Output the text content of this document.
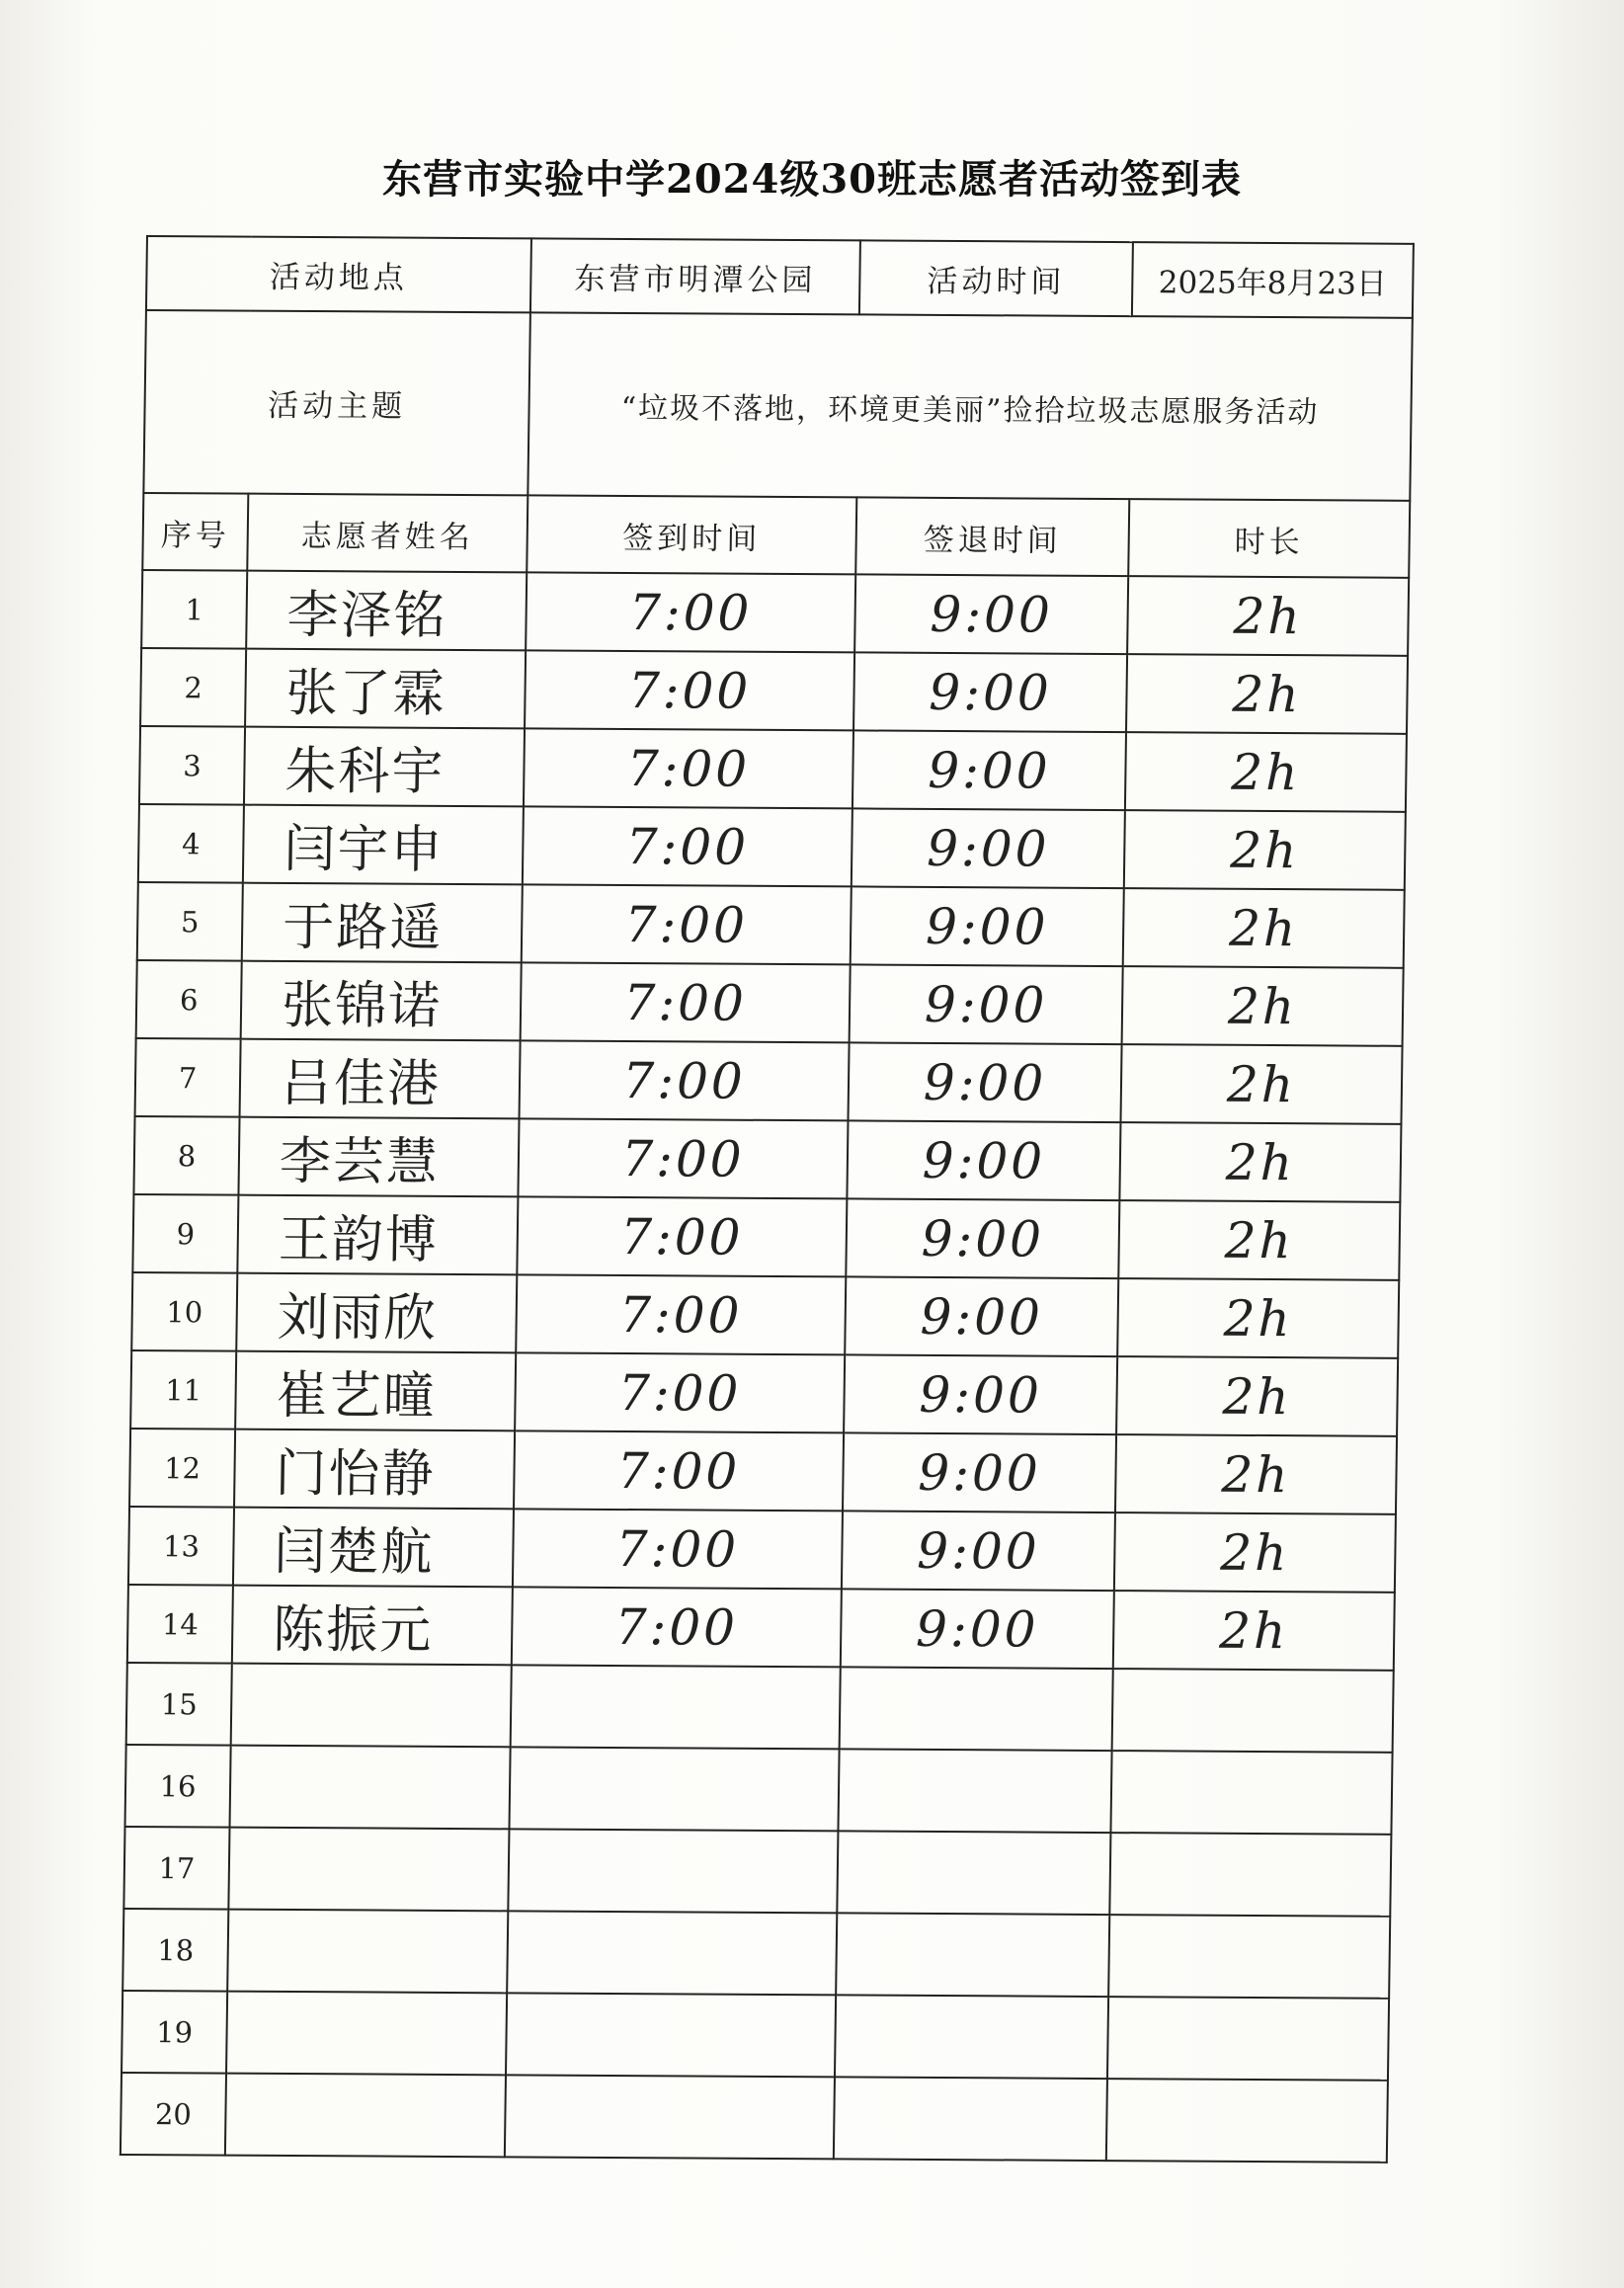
东营市实验中学2024级30班志愿者活动签到表
活动地点		东营市明潭公园	活动时间	2025年8月23日
活动主题		“垃圾不落地，环境更美丽”捡拾垃圾志愿服务活动		
序号	志愿者姓名	签到时间	签退时间	时长
1	李泽铭	7:00	9:00	2h
2	张了霖	7:00	9:00	2h
3	朱科宇	7:00	9:00	2h
4	闫宇申	7:00	9:00	2h
5	于路遥	7:00	9:00	2h
6	张锦诺	7:00	9:00	2h
7	吕佳港	7:00	9:00	2h
8	李芸慧	7:00	9:00	2h
9	王韵博	7:00	9:00	2h
10	刘雨欣	7:00	9:00	2h
11	崔艺曈	7:00	9:00	2h
12	门怡静	7:00	9:00	2h
13	闫楚航	7:00	9:00	2h
14	陈振元	7:00	9:00	2h
15				
16				
17				
18				
19				
20				
